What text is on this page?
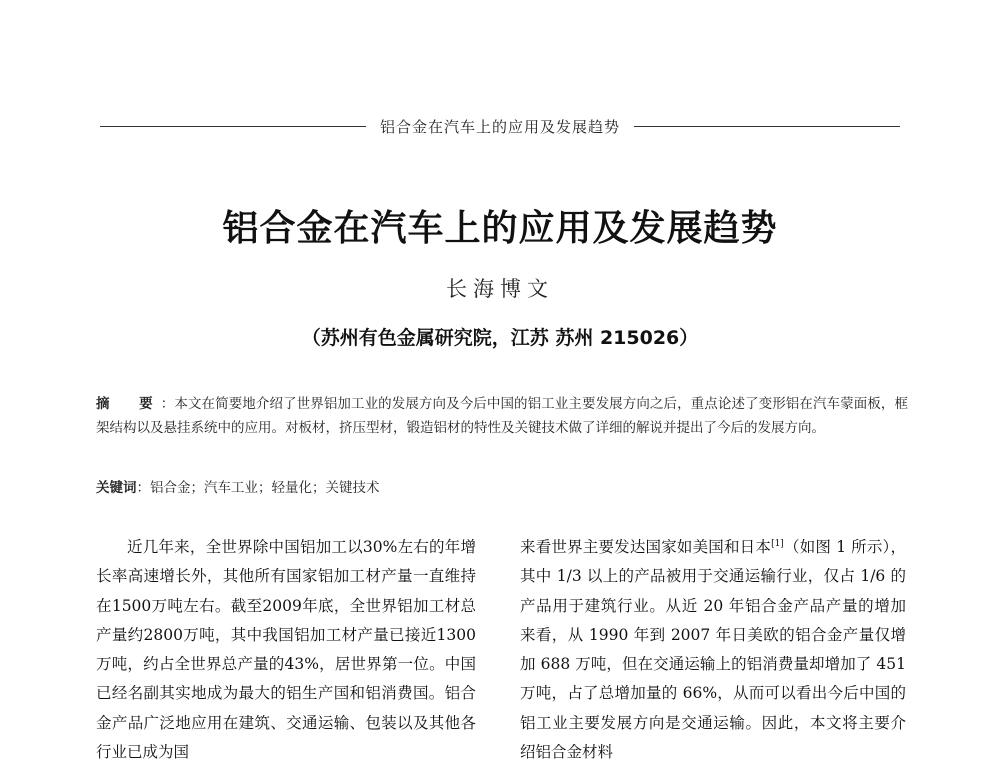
铝合金在汽车上的应用及发展趋势
铝合金在汽车上的应用及发展趋势
长海博文
（苏州有色金属研究院，江苏 苏州 215026）
摘　要：本文在简要地介绍了世界铝加工业的发展方向及今后中国的铝工业主要发展方向之后，重点论述了变形铝在汽车蒙面板，框架结构以及悬挂系统中的应用。对板材，挤压型材，锻造铝材的特性及关键技术做了详细的解说并提出了今后的发展方向。
关键词：铝合金；汽车工业；轻量化；关键技术

近几年来，全世界除中国铝加工以30%左右的年增长率高速增长外，其他所有国家铝加工材产量一直维持在1500万吨左右。截至2009年底，全世界铝加工材总产量约2800万吨，其中我国铝加工材产量已接近1300万吨，约占全世界总产量的43%，居世界第一位。中国已经名副其实地成为最大的铝生产国和铝消费国。铝合金产品广泛地应用在建筑、交通运输、包装以及其他各行业已成为国

来看世界主要发达国家如美国和日本[1]（如图 1 所示），其中 1/3 以上的产品被用于交通运输行业，仅占 1/6 的产品用于建筑行业。从近 20 年铝合金产品产量的增加来看，从 1990 年到 2007 年日美欧的铝合金产量仅增加 688 万吨，但在交通运输上的铝消费量却增加了 451 万吨，占了总增加量的 66%，从而可以看出今后中国的铝工业主要发展方向是交通运输。因此，本文将主要介绍铝合金材料
